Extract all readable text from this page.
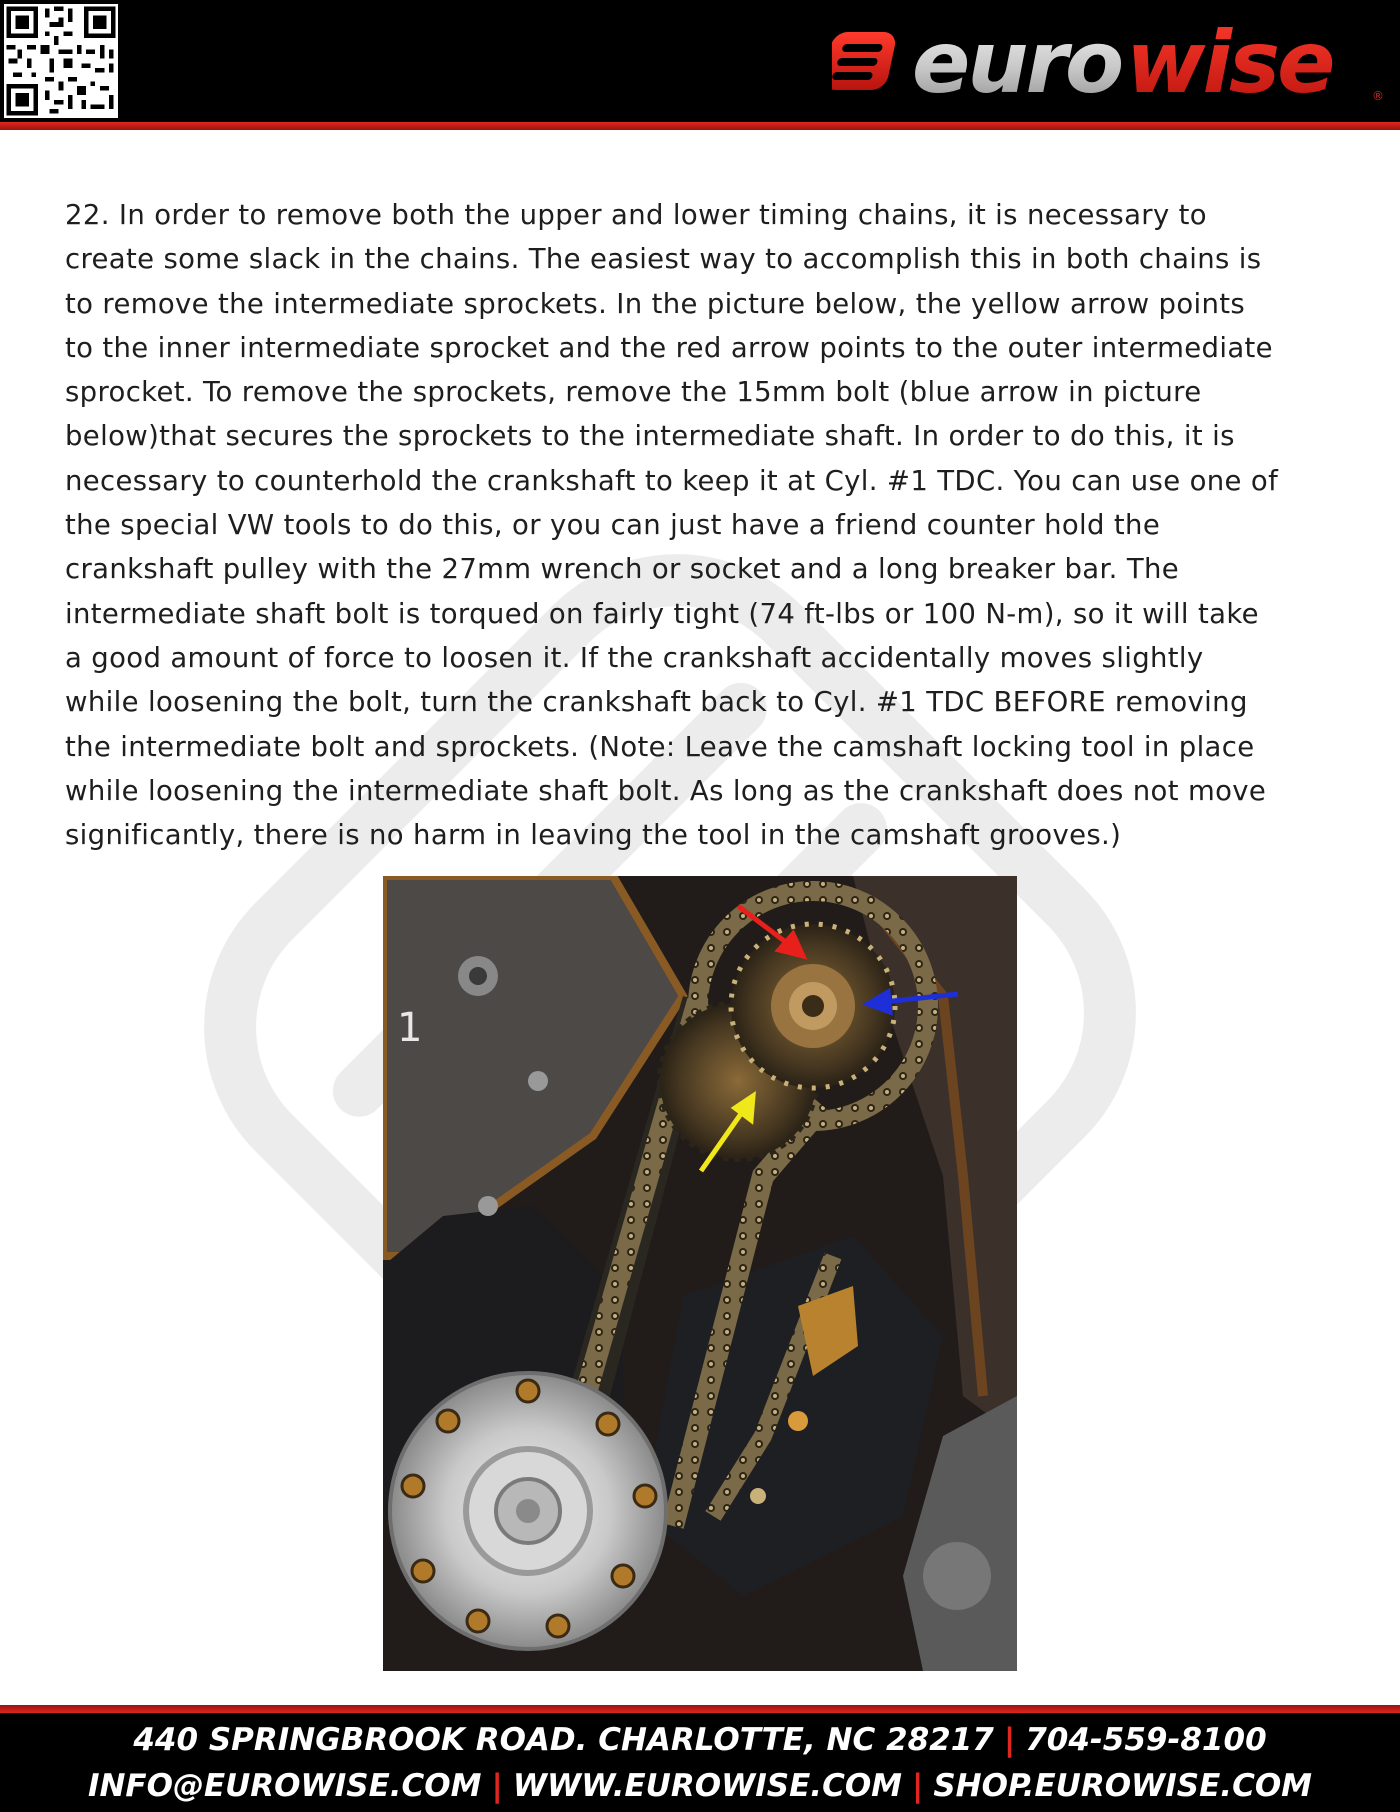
euro wise	®

22. In order to remove both the upper and lower timing chains, it is necessary to
create some slack in the chains. The easiest way to accomplish this in both chains is
to remove the intermediate sprockets. In the picture below, the yellow arrow points
to the inner intermediate sprocket and the red arrow points to the outer intermediate
sprocket. To remove the sprockets, remove the 15mm bolt (blue arrow in picture
below)that secures the sprockets to the intermediate shaft. In order to do this, it is
necessary to counterhold the crankshaft to keep it at Cyl. #1 TDC. You can use one of
the special VW tools to do this, or you can just have a friend counter hold the
crankshaft pulley with the 27mm wrench or socket and a long breaker bar. The
intermediate shaft bolt is torqued on fairly tight (74 ft-lbs or 100 N-m), so it will take
a good amount of force to loosen it. If the crankshaft accidentally moves slightly
while loosening the bolt, turn the crankshaft back to Cyl. #1 TDC BEFORE removing
the intermediate bolt and sprockets. (Note: Leave the camshaft locking tool in place
while loosening the intermediate shaft bolt. As long as the crankshaft does not move
significantly, there is no harm in leaving the tool in the camshaft grooves.)

1
440 SPRINGBROOK ROAD. CHARLOTTE, NC 28217 | 704-559-8100
INFO@EUROWISE.COM | WWW.EUROWISE.COM | SHOP.EUROWISE.COM
